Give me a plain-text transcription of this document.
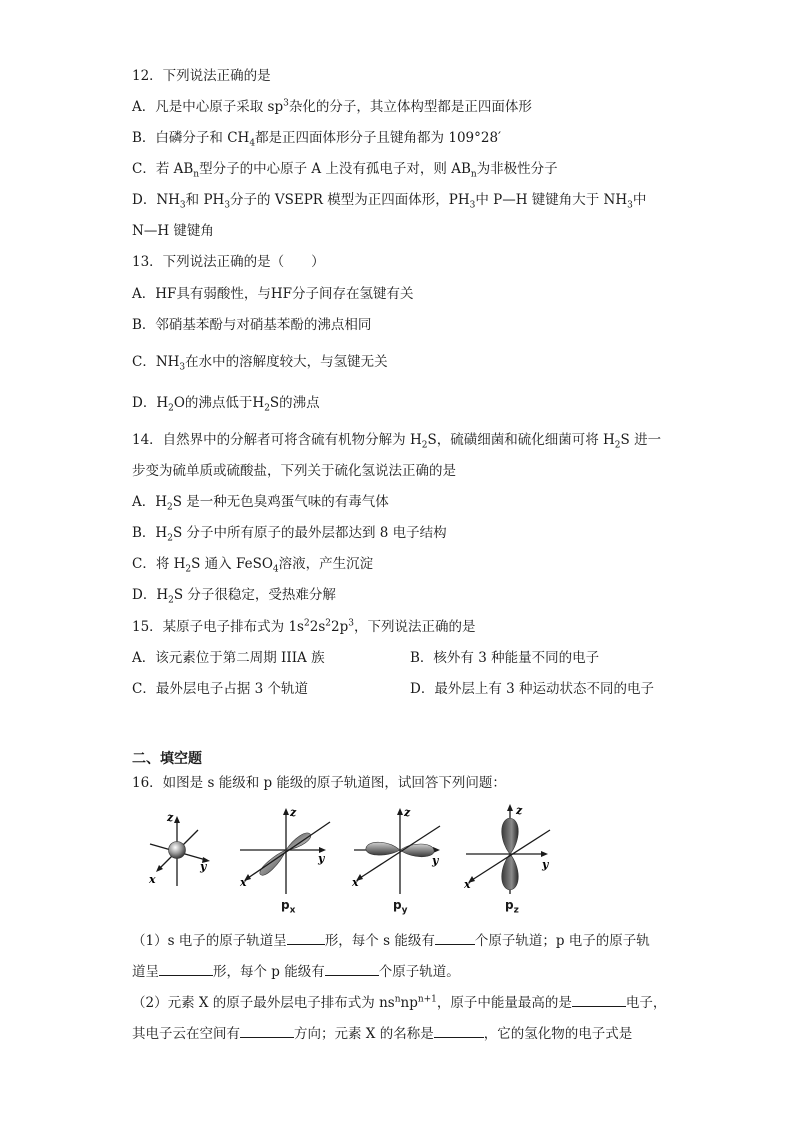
12．下列说法正确的是
A．凡是中心原子采取 $sp^3$杂化的分子，其立体构型都是正四面体形
B．白磷分子和 $CH_4$都是正四面体形分子且键角都为 109°28′
C．若 $AB_n$型分子的中心原子 A 上没有孤电子对，则 $AB_n$为非极性分子
D．$NH_3$和 $PH_3$分子的 VSEPR 模型为正四面体形，$PH_3$中 P—H 键键角大于 $NH_3$中
N—H 键键角
13．下列说法正确的是（　　）
A．HF具有弱酸性，与HF分子间存在氢键有关
B．邻硝基苯酚与对硝基苯酚的沸点相同
C．$NH_3$在水中的溶解度较大，与氢键无关
D．$H_2O$的沸点低于$H_2S$的沸点
14．自然界中的分解者可将含硫有机物分解为 $H_2S$，硫磺细菌和硫化细菌可将 $H_2S$ 进一
步变为硫单质或硫酸盐，下列关于硫化氢说法正确的是
A．$H_2S$ 是一种无色臭鸡蛋气味的有毒气体
B．$H_2S$ 分子中所有原子的最外层都达到 8 电子结构
C．将 $H_2S$ 通入 FeSO$_4$溶液，产生沉淀
D．$H_2S$ 分子很稳定，受热难分解
15．某原子电子排布式为 $1s^22s^22p^3$，下列说法正确的是
A．该元素位于第二周期 IIIA 族	B．核外有 3 种能量不同的电子
C．最外层电子占据 3 个轨道	D．最外层上有 3 种运动状态不同的电子
二、填空题
16．如图是 s 能级和 p 能级的原子轨道图，试回答下列问题：
z
y
x
z
y
x
$p_x$
z
y
x
$p_y$
z
y
x
$p_z$
（1）s 电子的原子轨道呈	形，每个 s 能级有	个原子轨道；p 电子的原子轨
道呈	形，每个 p 能级有	个原子轨道。
（2）元素 X 的原子最外层电子排布式为 $ns^nnp^{n+1}$，原子中能量最高的是	电子，
其电子云在空间有	方向；元素 X 的名称是	，它的氢化物的电子式是
